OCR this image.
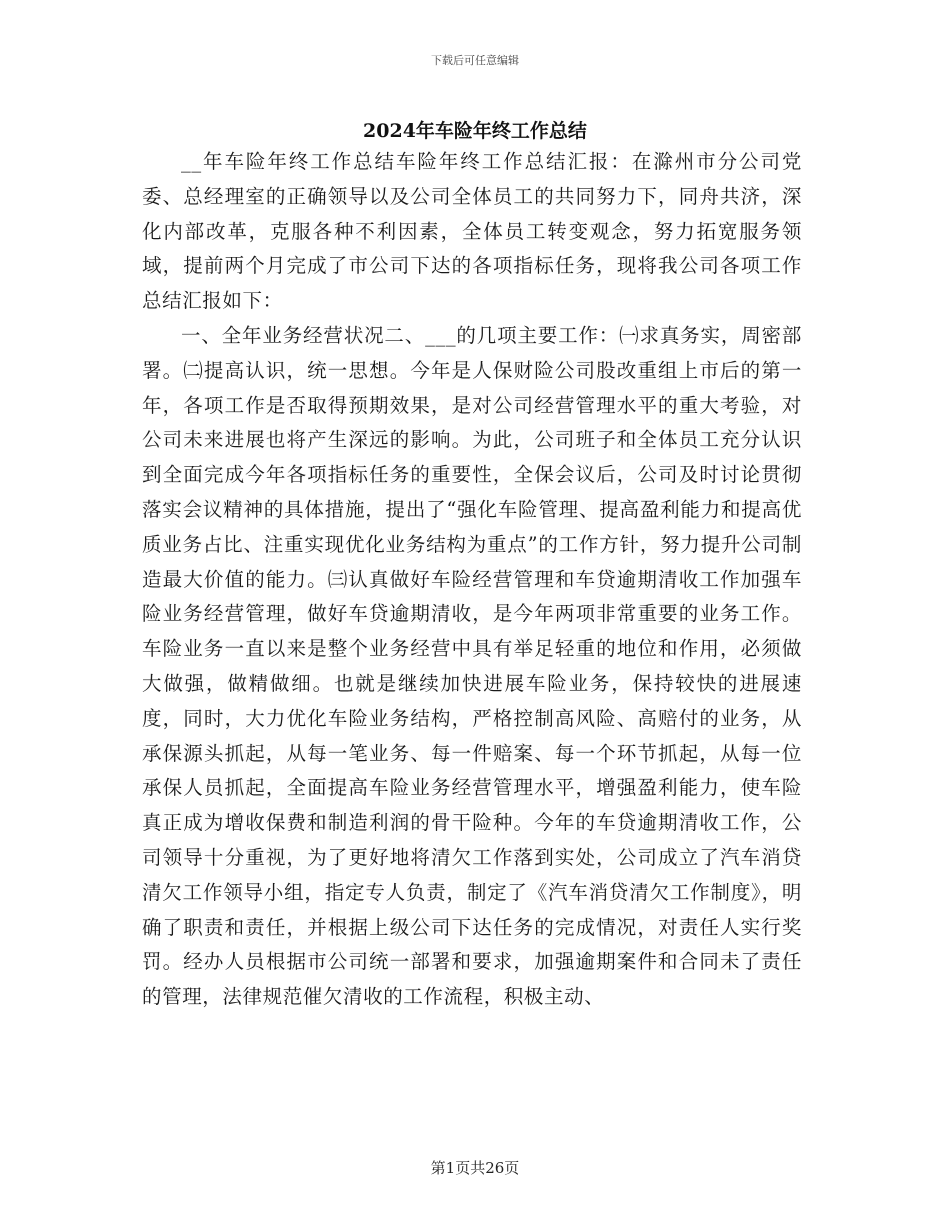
下载后可任意编辑
2024年车险年终工作总结

__年车险年终工作总结车险年终工作总结汇报：在滁州市分公司党委、总经理室的正确领导以及公司全体员工的共同努力下，同舟共济，深化内部改革，克服各种不利因素，全体员工转变观念，努力拓宽服务领域，提前两个月完成了市公司下达的各项指标任务，现将我公司各项工作总结汇报如下：

一、全年业务经营状况二、___的几项主要工作：㈠求真务实，周密部署。㈡提高认识，统一思想。今年是人保财险公司股改重组上市后的第一年，各项工作是否取得预期效果，是对公司经营管理水平的重大考验，对公司未来进展也将产生深远的影响。为此，公司班子和全体员工充分认识到全面完成今年各项指标任务的重要性，全保会议后，公司及时讨论贯彻落实会议精神的具体措施，提出了“强化车险管理、提高盈利能力和提高优质业务占比、注重实现优化业务结构为重点”的工作方针，努力提升公司制造最大价值的能力。㈢认真做好车险经营管理和车贷逾期清收工作加强车险业务经营管理，做好车贷逾期清收，是今年两项非常重要的业务工作。车险业务一直以来是整个业务经营中具有举足轻重的地位和作用，必须做大做强，做精做细。也就是继续加快进展车险业务，保持较快的进展速度，同时，大力优化车险业务结构，严格控制高风险、高赔付的业务，从承保源头抓起，从每一笔业务、每一件赔案、每一个环节抓起，从每一位承保人员抓起，全面提高车险业务经营管理水平，增强盈利能力，使车险真正成为增收保费和制造利润的骨干险种。今年的车贷逾期清收工作，公司领导十分重视，为了更好地将清欠工作落到实处，公司成立了汽车消贷清欠工作领导小组，指定专人负责，制定了《汽车消贷清欠工作制度》，明确了职责和责任，并根据上级公司下达任务的完成情况，对责任人实行奖罚。经办人员根据市公司统一部署和要求，加强逾期案件和合同未了责任的管理，法律规范催欠清收的工作流程，积极主动、

第1页共26页
